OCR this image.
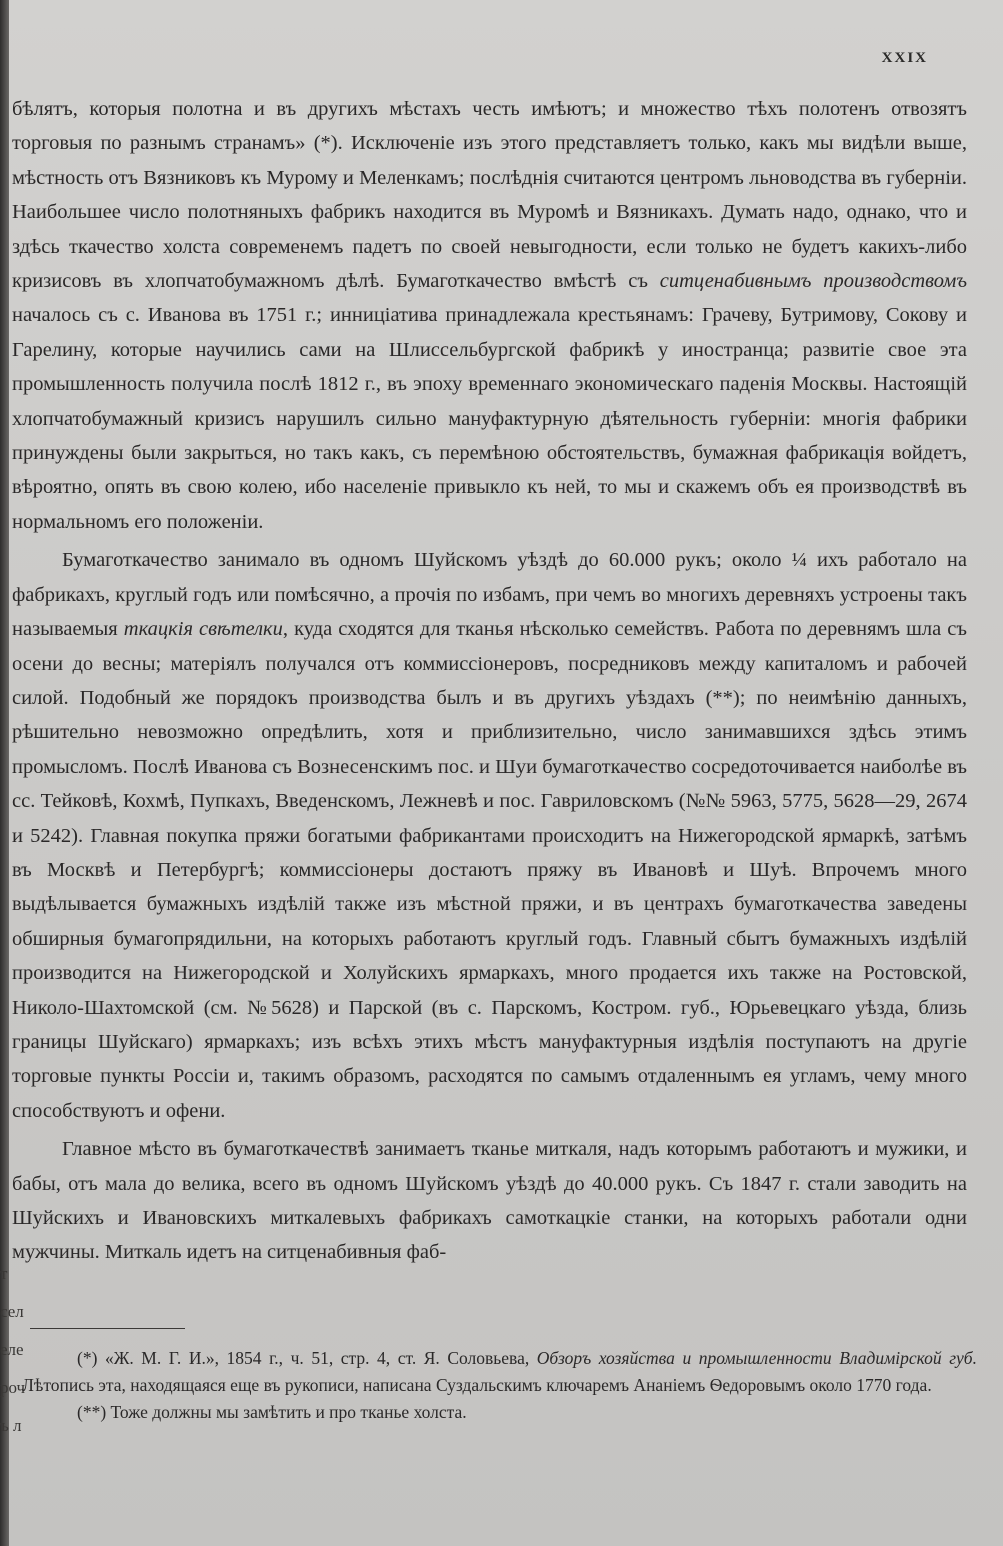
т
сел
еле
роч
ъ л
XXIX

бѣлятъ, которыя полотна и въ другихъ мѣстахъ честь имѣютъ; и множество тѣхъ полотенъ отвозятъ торговыя по разнымъ странамъ» (*). Исключеніе изъ этого представляетъ только, какъ мы видѣли выше, мѣстность отъ Вязниковъ къ Мурому и Меленкамъ; послѣднія считаются центромъ льноводства въ губерніи. Наибольшее число полотняныхъ фабрикъ находится въ Муромѣ и Вязникахъ. Думать надо, однако, что и здѣсь ткачество холста современемъ падетъ по своей невыгодности, если только не будетъ какихъ-либо кризисовъ въ хлопчатобумажномъ дѣлѣ. Бумаготкачество вмѣстѣ съ ситценабивнымъ производствомъ началось съ с. Иванова въ 1751 г.; инниціатива принадлежала крестьянамъ: Грачеву, Бутримову, Сокову и Гарелину, которые научились сами на Шлиссельбургской фабрикѣ у иностранца; развитіе свое эта промышленность получила послѣ 1812 г., въ эпоху временнаго экономическаго паденія Москвы. Настоящій хлопчатобумажный кризисъ нарушилъ сильно мануфактурную дѣятельность губерніи: многія фабрики принуждены были закрыться, но такъ какъ, съ перемѣною обстоятельствъ, бумажная фабрикація войдетъ, вѣроятно, опять въ свою колею, ибо населеніе привыкло къ ней, то мы и скажемъ объ ея производствѣ въ нормальномъ его положеніи.

Бумаготкачество занимало въ одномъ Шуйскомъ уѣздѣ до 60.000 рукъ; около ¼ ихъ работало на фабрикахъ, круглый годъ или помѣсячно, а прочія по избамъ, при чемъ во многихъ деревняхъ устроены такъ называемыя ткацкія свѣтелки, куда сходятся для тканья нѣсколько семействъ. Работа по деревнямъ шла съ осени до весны; матеріялъ получался отъ коммиссіонеровъ, посредниковъ между капиталомъ и рабочей силой. Подобный же порядокъ производства былъ и въ другихъ уѣздахъ (**); по неимѣнію данныхъ, рѣшительно невозможно опредѣлить, хотя и приблизительно, число занимавшихся здѣсь этимъ промысломъ. Послѣ Иванова съ Вознесенскимъ пос. и Шуи бумаготкачество сосредоточивается наиболѣе въ сс. Тейковѣ, Кохмѣ, Пупкахъ, Введенскомъ, Лежневѣ и пос. Гавриловскомъ (№№ 5963, 5775, 5628—29, 2674 и 5242). Главная покупка пряжи богатыми фабрикантами происходитъ на Нижегородской ярмаркѣ, затѣмъ въ Москвѣ и Петербургѣ; коммиссіонеры достаютъ пряжу въ Ивановѣ и Шуѣ. Впрочемъ много выдѣлывается бумажныхъ издѣлій также изъ мѣстной пряжи, и въ центрахъ бумаготкачества заведены обширныя бумагопрядильни, на которыхъ работаютъ круглый годъ. Главный сбытъ бумажныхъ издѣлій производится на Нижегородской и Холуйскихъ ярмаркахъ, много продается ихъ также на Ростовской, Николо-Шахтомской (см. №5628) и Парской (въ с. Парскомъ, Костром. губ., Юрьевецкаго уѣзда, близь границы Шуйскаго) ярмаркахъ; изъ всѣхъ этихъ мѣстъ мануфактурныя издѣлія поступаютъ на другіе торговые пункты Россіи и, такимъ образомъ, расходятся по самымъ отдаленнымъ ея угламъ, чему много способствуютъ и офени.

Главное мѣсто въ бумаготкачествѣ занимаетъ тканье миткаля, надъ которымъ работаютъ и мужики, и бабы, отъ мала до велика, всего въ одномъ Шуйскомъ уѣздѣ до 40.000 рукъ. Съ 1847 г. стали заводить на Шуйскихъ и Ивановскихъ миткалевыхъ фабрикахъ самоткацкіе станки, на которыхъ работали одни мужчины. Миткаль идетъ на ситценабивныя фаб-

(*) «Ж. М. Г. И.», 1854 г., ч. 51, стр. 4, ст. Я. Соловьева, Обзоръ хозяйства и промышленности Владимірской губ. Лѣтопись эта, находящаяся еще въ рукописи, написана Суздальскимъ ключаремъ Ананіемъ Ѳедоровымъ около 1770 года.

(**) Тоже должны мы замѣтить и про тканье холста.
